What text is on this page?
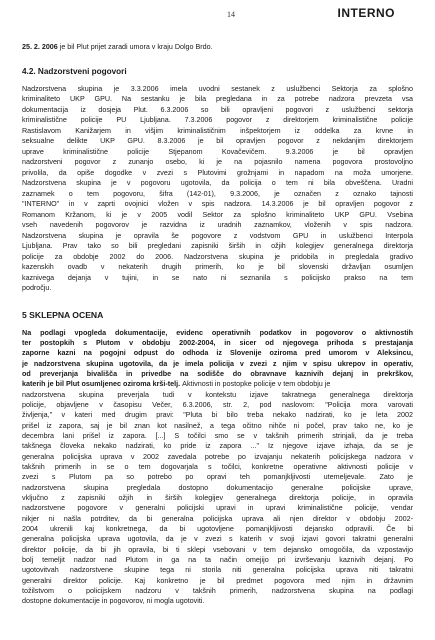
14	INTERNO
25. 2. 2006 je bil Plut prijet zaradi umora v kraju Dolgo Brdo.
4.2. Nadzorstveni pogovori
Nadzorstvena skupina je 3.3.2006 imela uvodni sestanek z uslužbenci Sektorja za splošno
kriminaliteto UKP GPU. Na sestanku je bila pregledana in za potrebe nadzora prevzeta vsa
dokumentacija iz dosjeja Plut. 6.3.2006 so bili opravljeni pogovori z uslužbenci sektorja
kriminalistične policije PU Ljubljana. 7.3.2006 pogovor z direktorjem kriminalistične policije
Rastislavom Kanižarjem in višjim kriminalističnim inšpektorjem iz oddelka za krvne in
seksualne delikte UKP GPU. 8.3.2006 je bil opravljen pogovor z nekdanjim direktorjem
uprave kriminalistične policije Stjepanom Kovačevičem. 9.3.2006 je bil opravljen
nadzorstveni pogovor z zunanjo osebo, ki je na pojasnilo namena pogovora prostovoljno
privolila, da opiše dogodke v zvezi s Plutovimi grožnjami in napadom na moža umorjene.
Nadzorstvena skupina je v pogovoru ugotovila, da policija o tem ni bila obveščena. Uradni
zaznamek o tem pogovoru, šifra (142-01), 9.3.2006, je označen z oznako tajnosti
"INTERNO" in v zaprti ovojnici vložen v spis nadzora. 14.3.2006 je bil opravljen pogovor z
Romanom Kržanom, ki je v 2005 vodil Sektor za splošno kriminaliteto UKP GPU. Vsebina
vseh navedenih pogovorov je razvidna iz uradnih zaznamkov, vloženih v spis nadzora.
Nadzorstvena skupina je opravila še pogovore z vodstvom GPU in uslužbenci Interpola
Ljubljana. Prav tako so bili pregledani zapisniki širših in ožjih kolegijev generalnega direktorja
policije za obdobje 2002 do 2006. Nadzorstvena skupina je pridobila in pregledala gradivo
kazenskih ovadb v nekaterih drugih primerih, ko je bil slovenski državljan osumljen
kaznivega dejanja v tujini, in se nato ni seznanila s policijsko prakso na tem
področju.
5 SKLEPNA OCENA
Na podlagi vpogleda dokumentacije, evidenc operativnih podatkov in pogovorov o aktivnostih
ter postopkih s Plutom v obdobju 2002-2004, in sicer od njegovega prihoda s prestajanja
zaporne kazni na pogojni odpust do odhoda iz Slovenije oziroma pred umorom v Aleksincu,
je nadzorstvena skupina ugotovila, da je imela policija v zvezi z njim v spisu ukrepov in operativ,
od preverjanja bivališča in privedbe na sodišče do obravnave kaznivih dejanj in prekrškov,
katerih je bil Plut osumljenec oziroma krši-telj. Aktivnosti in postopke policije v tem obdobju je
nadzorstvena skupina preverjala tudi v kontekstu izjave takratnega generalnega direktorja
policije, objavljene v časopisu Večer, 6.3.2006, str. 2, pod naslovom: "Policija mora varovati
življenja," v kateri med drugim pravi: "Pluta bi bilo treba nekako nadzirati, ko je leta 2002
prišel iz zapora, saj je bil znan kot nasilnež, a tega očitno nihče ni počel, prav tako ne, ko je
decembra lani prišel iz zapora. [...] S točilci smo se v takšnih primerih strinjali, da je treba
takšnega človeka nekako nadzirati, ko pride iz zapora ..." Iz njegove izjave izhaja, da se je
generalna policijska uprava v 2002 zavedala potrebe po izvajanju nekaterih policijskega nadzora v
takšnih primerih in se o tem dogovarjala s točilci, konkretne operativne aktivnosti policije v
zvezi s Plutom pa so potrebo po opravi teh pomanjkljivosti utemeljevale. Zato je
nadzorstvena skupina pregledala dostopno dokumentacijo generalne policijske uprave,
vključno z zapisniki ožjih in širših kolegijev generalnega direktorja policije, in opravila
nadzorstvene pogovore v generalni policijski upravi in upravi kriminalistične policije, vendar
nikjer ni našla potrditev, da bi generalna policijska uprava ali njen direktor v obdobju 2002-
2004 ukrenili kaj konkretnega, da bi ugotovljene pomanjkljivosti dejansko odpravili. Če bi
generalna policijska uprava ugotovila, da je v zvezi s katerih v svoji izjavi govori takratni generalni
direktor policije, da bi jih opravila, bi ti sklepi vsebovani v tem dejansko omogočila, da vzpostavijo
bolj temeljit nadzor nad Plutom in ga na ta način omejijo pri izvrševanju kaznivih dejanj. Po
ugotovitvah nadzorstvene skupine tega ni storila niti generalna policijska uprava niti takratni
generalni direktor policije. Kaj konkretno je bil predmet pogovora med njim in državnim
tožilstvom o policijskem nadzoru v takšnih primerih, nadzorstvena skupina na podlagi
dostopne dokumentacije in pogovorov, ni mogla ugotoviti.
